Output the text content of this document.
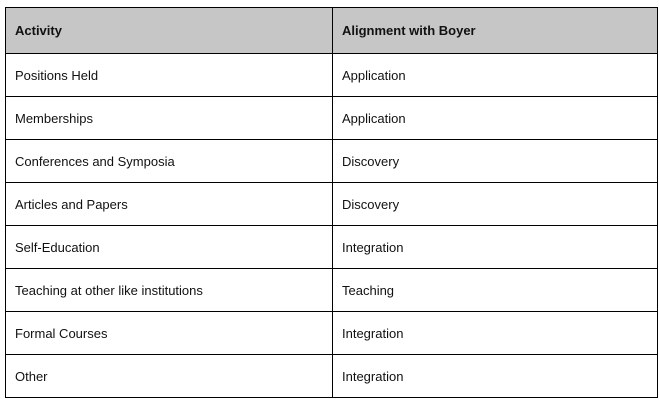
Activity	Alignment with Boyer
Positions Held	Application
Memberships	Application
Conferences and Symposia	Discovery
Articles and Papers	Discovery
Self-Education	Integration
Teaching at other like institutions	Teaching
Formal Courses	Integration
Other	Integration
